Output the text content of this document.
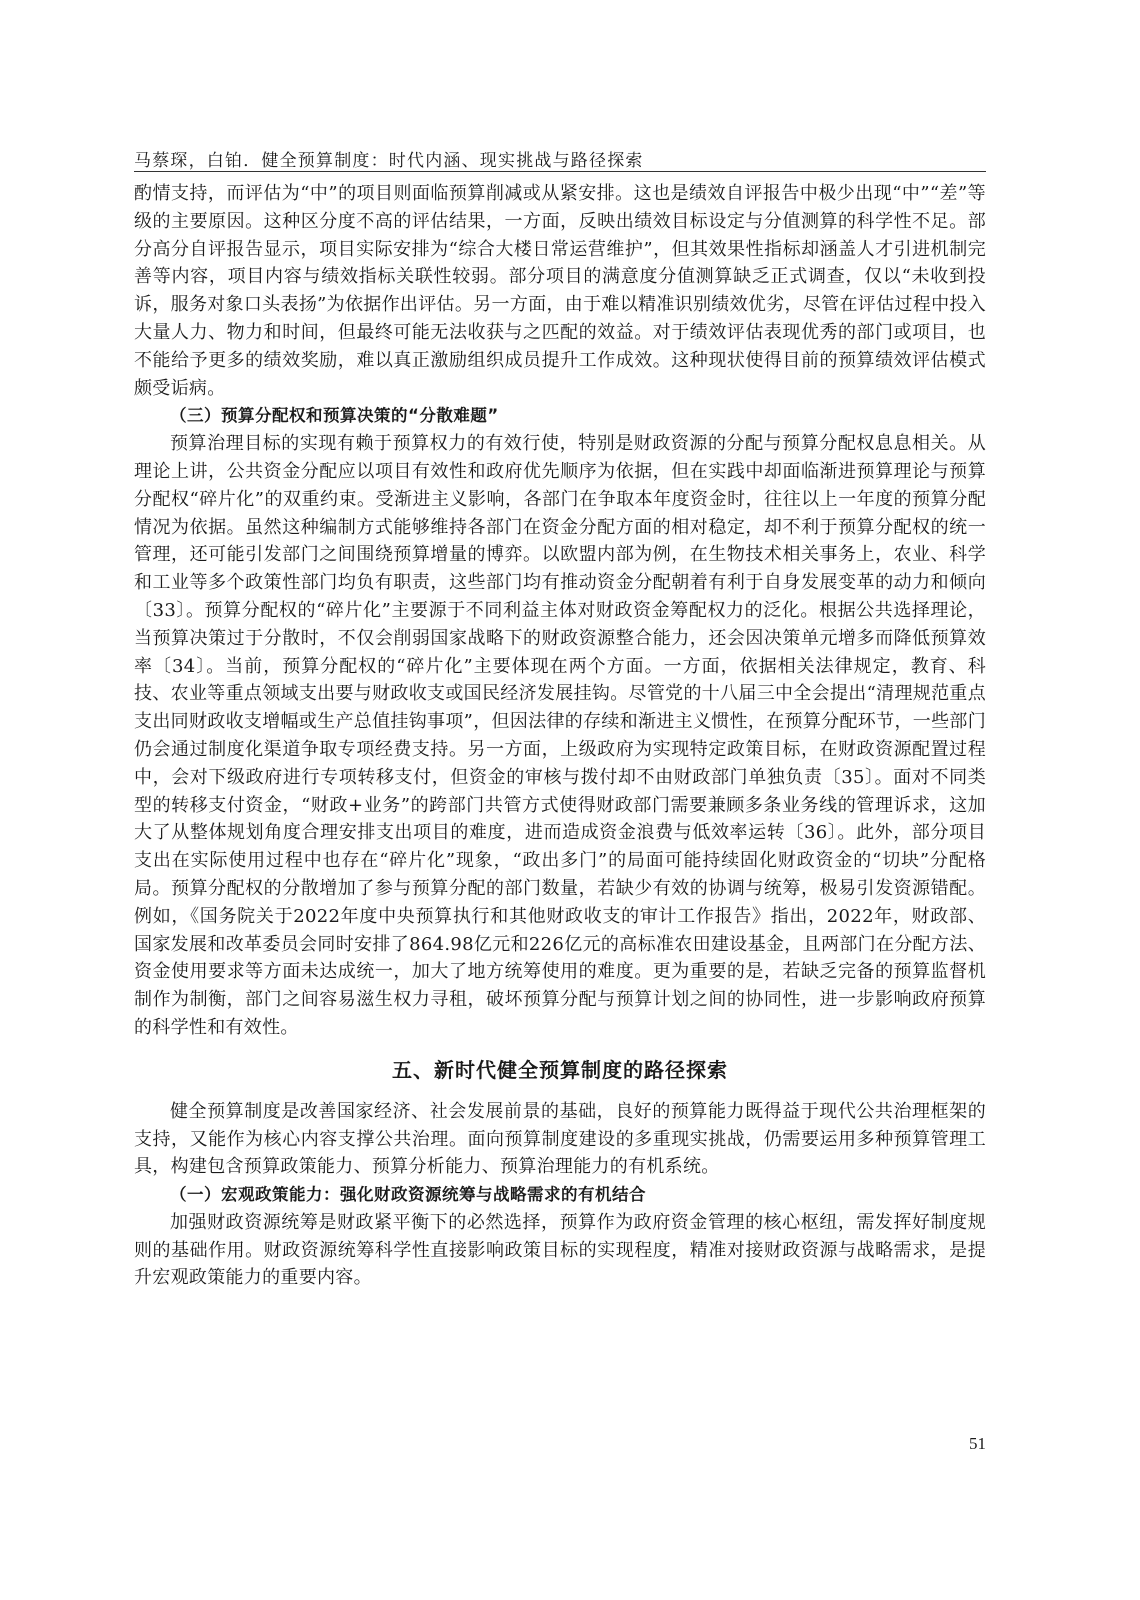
马蔡琛，白铂．健全预算制度：时代内涵、现实挑战与路径探索

酌情支持，而评估为“中”的项目则面临预算削减或从紧安排。这也是绩效自评报告中极少出现“中”“差”等级的主要原因。这种区分度不高的评估结果，一方面，反映出绩效目标设定与分值测算的科学性不足。部分高分自评报告显示，项目实际安排为“综合大楼日常运营维护”，但其效果性指标却涵盖人才引进机制完善等内容，项目内容与绩效指标关联性较弱。部分项目的满意度分值测算缺乏正式调查，仅以“未收到投诉，服务对象口头表扬”为依据作出评估。另一方面，由于难以精准识别绩效优劣，尽管在评估过程中投入大量人力、物力和时间，但最终可能无法收获与之匹配的效益。对于绩效评估表现优秀的部门或项目，也不能给予更多的绩效奖励，难以真正激励组织成员提升工作成效。这种现状使得目前的预算绩效评估模式颇受诟病。

（三）预算分配权和预算决策的“分散难题”

预算治理目标的实现有赖于预算权力的有效行使，特别是财政资源的分配与预算分配权息息相关。从理论上讲，公共资金分配应以项目有效性和政府优先顺序为依据，但在实践中却面临渐进预算理论与预算分配权“碎片化”的双重约束。受渐进主义影响，各部门在争取本年度资金时，往往以上一年度的预算分配情况为依据。虽然这种编制方式能够维持各部门在资金分配方面的相对稳定，却不利于预算分配权的统一管理，还可能引发部门之间围绕预算增量的博弈。以欧盟内部为例，在生物技术相关事务上，农业、科学和工业等多个政策性部门均负有职责，这些部门均有推动资金分配朝着有利于自身发展变革的动力和倾向〔33〕。预算分配权的“碎片化”主要源于不同利益主体对财政资金筹配权力的泛化。根据公共选择理论，当预算决策过于分散时，不仅会削弱国家战略下的财政资源整合能力，还会因决策单元增多而降低预算效率〔34〕。当前，预算分配权的“碎片化”主要体现在两个方面。一方面，依据相关法律规定，教育、科技、农业等重点领域支出要与财政收支或国民经济发展挂钩。尽管党的十八届三中全会提出“清理规范重点支出同财政收支增幅或生产总值挂钩事项”，但因法律的存续和渐进主义惯性，在预算分配环节，一些部门仍会通过制度化渠道争取专项经费支持。另一方面，上级政府为实现特定政策目标，在财政资源配置过程中，会对下级政府进行专项转移支付，但资金的审核与拨付却不由财政部门单独负责〔35〕。面对不同类型的转移支付资金，“财政+业务”的跨部门共管方式使得财政部门需要兼顾多条业务线的管理诉求，这加大了从整体规划角度合理安排支出项目的难度，进而造成资金浪费与低效率运转〔36〕。此外，部分项目支出在实际使用过程中也存在“碎片化”现象，“政出多门”的局面可能持续固化财政资金的“切块”分配格局。预算分配权的分散增加了参与预算分配的部门数量，若缺少有效的协调与统筹，极易引发资源错配。例如，《国务院关于2022年度中央预算执行和其他财政收支的审计工作报告》指出，2022年，财政部、国家发展和改革委员会同时安排了864.98亿元和226亿元的高标准农田建设基金，且两部门在分配方法、资金使用要求等方面未达成统一，加大了地方统筹使用的难度。更为重要的是，若缺乏完备的预算监督机制作为制衡，部门之间容易滋生权力寻租，破坏预算分配与预算计划之间的协同性，进一步影响政府预算的科学性和有效性。

五、新时代健全预算制度的路径探索

健全预算制度是改善国家经济、社会发展前景的基础，良好的预算能力既得益于现代公共治理框架的支持，又能作为核心内容支撑公共治理。面向预算制度建设的多重现实挑战，仍需要运用多种预算管理工具，构建包含预算政策能力、预算分析能力、预算治理能力的有机系统。

（一）宏观政策能力：强化财政资源统筹与战略需求的有机结合

加强财政资源统筹是财政紧平衡下的必然选择，预算作为政府资金管理的核心枢纽，需发挥好制度规则的基础作用。财政资源统筹科学性直接影响政策目标的实现程度，精准对接财政资源与战略需求，是提升宏观政策能力的重要内容。

51
